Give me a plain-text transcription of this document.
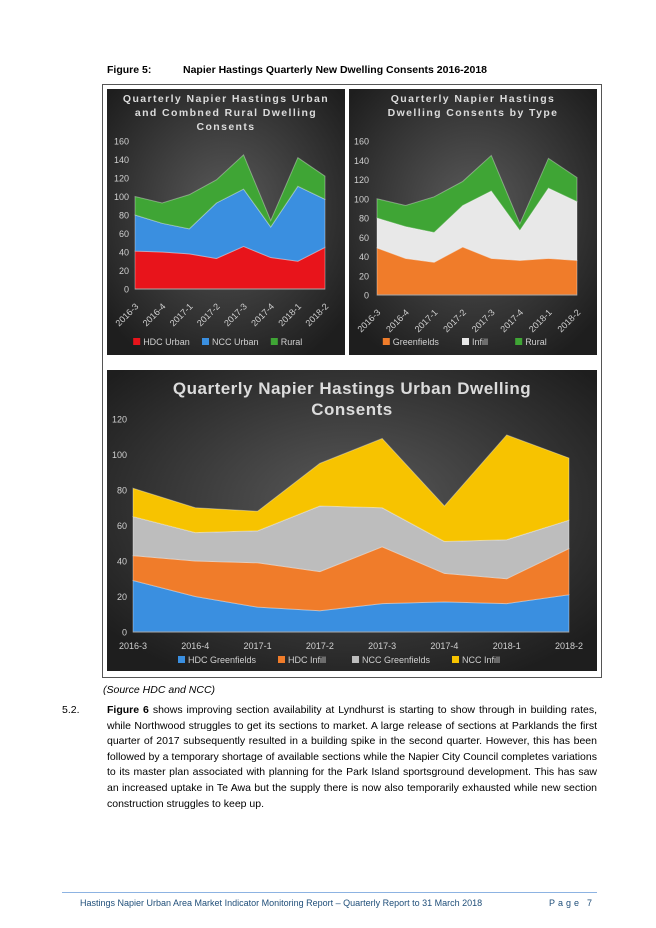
Figure 5:	Napier Hastings Quarterly New Dwelling Consents 2016-2018
Quarterly Napier Hastings Urban
and Combned Rural Dwelling
Consents
160
140
120
100
80
60
40
20
0
2016-3 2016-4 2017-1 2017-2 2017-3 2017-4 2018-1 2018-2
HDC Urban NCC Urban Rural
Quarterly Napier Hastings
Dwelling Consents by Type
160
140
120
100
80
60
40
20
0
2016-3 2016-4 2017-1 2017-2 2017-3 2017-4 2018-1 2018-2
Greenfields	Infill	Rural
Quarterly Napier Hastings Urban Dwelling
Consents
120
100
80
60
40
20
0
2016-3	2016-4	2017-1	2017-2	2017-3	2017-4	2018-1	2018-2
HDC Greenfields	HDC Infill	NCC Greenfields	NCC Infill
(Source HDC and NCC)
5.2.	Figure 6 shows improving section availability at Lyndhurst is starting to show through in building rates, while Northwood struggles to get its sections to market. A large release of sections at Parklands the first quarter of 2017 subsequently resulted in a building spike in the second quarter. However, this has been followed by a temporary shortage of available sections while the Napier City Council completes variations to its master plan associated with planning for the Park Island sportsground development. This has saw an increased uptake in Te Awa but the supply there is now also temporarily exhausted while new section construction struggles to keep up.
Hastings Napier Urban Area Market Indicator Monitoring Report – Quarterly Report to 31 March 2018	Page 7
